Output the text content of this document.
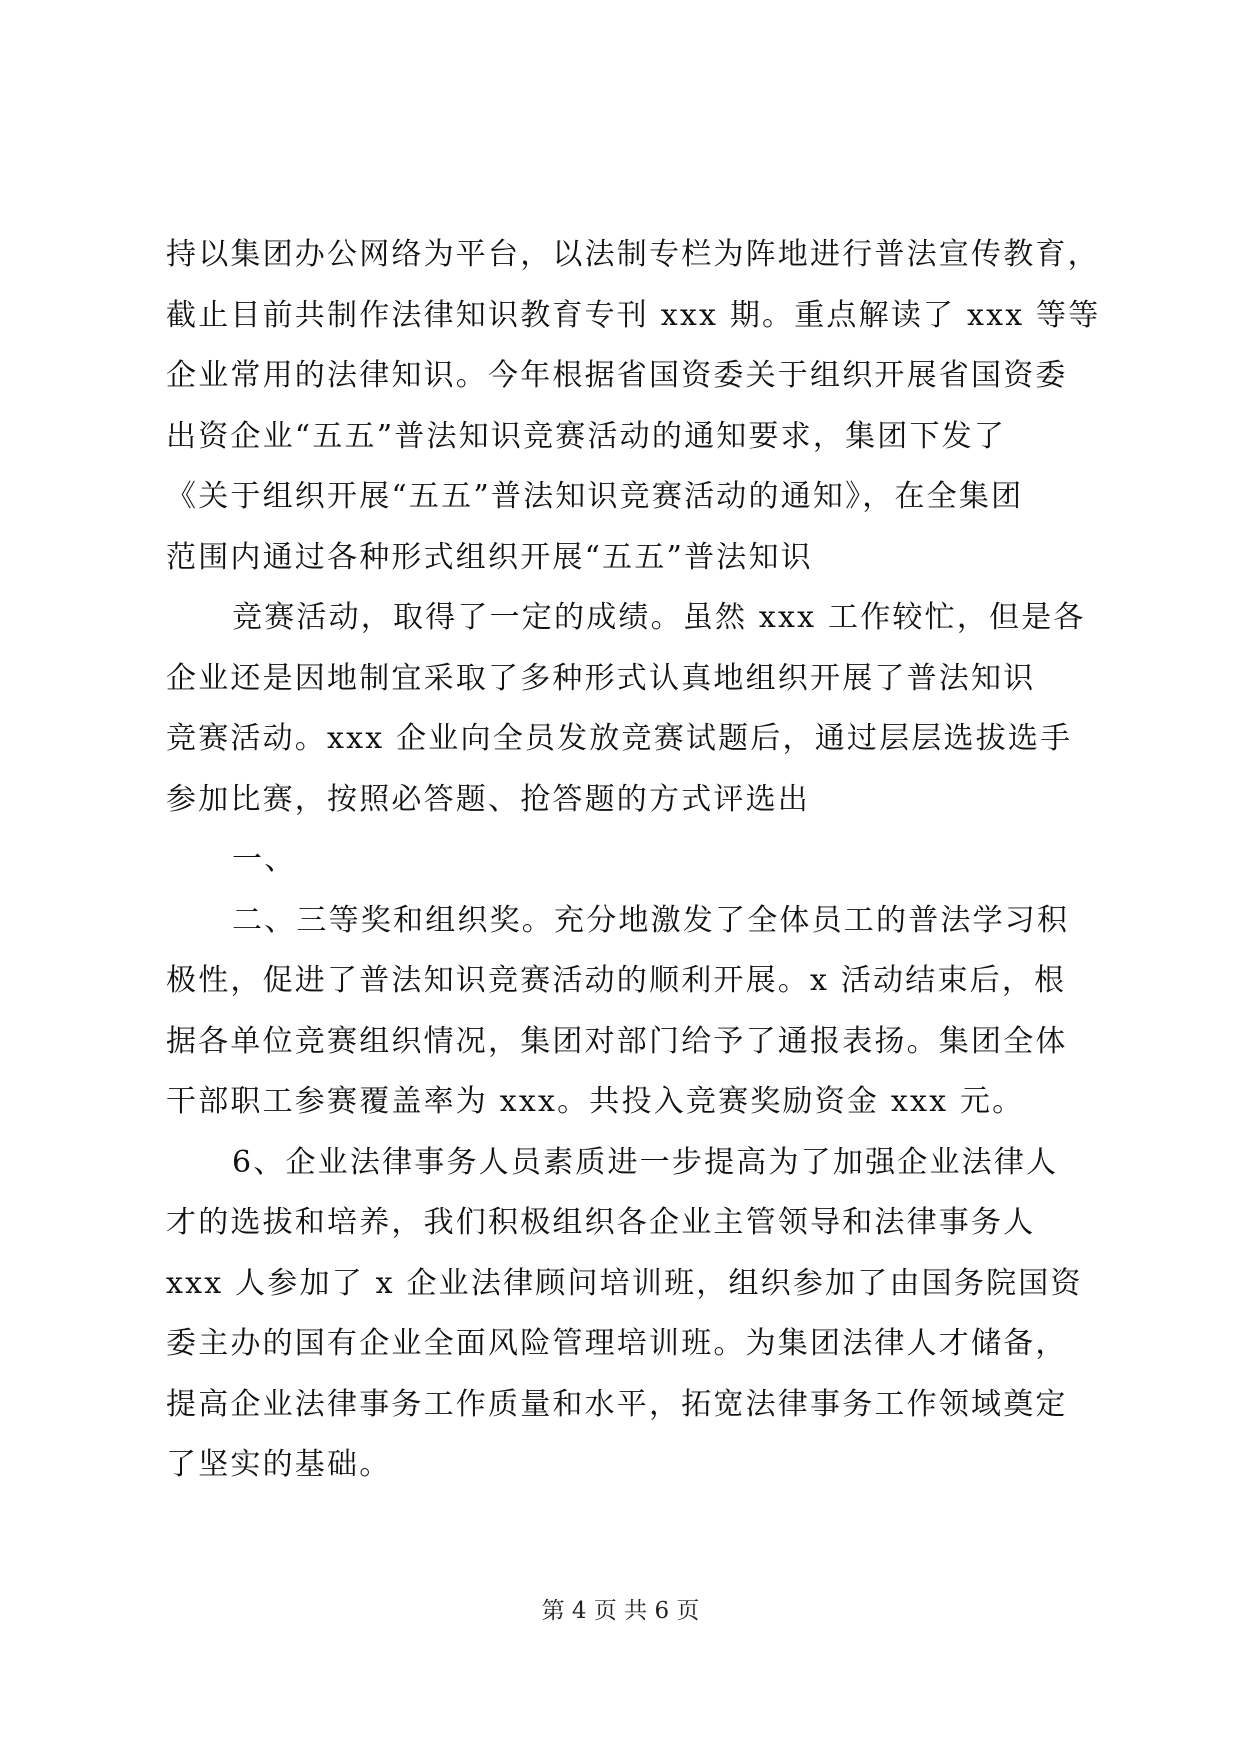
持以集团办公网络为平台，以法制专栏为阵地进行普法宣传教育，
截止目前共制作法律知识教育专刊 xxx 期。重点解读了 xxx 等等
企业常用的法律知识。今年根据省国资委关于组织开展省国资委
出资企业“五五”普法知识竞赛活动的通知要求，集团下发了
《关于组织开展“五五”普法知识竞赛活动的通知》，在全集团
范围内通过各种形式组织开展“五五”普法知识
竞赛活动，取得了一定的成绩。虽然 xxx 工作较忙，但是各
企业还是因地制宜采取了多种形式认真地组织开展了普法知识
竞赛活动。xxx 企业向全员发放竞赛试题后，通过层层选拔选手
参加比赛，按照必答题、抢答题的方式评选出
一、
二、三等奖和组织奖。充分地激发了全体员工的普法学习积
极性，促进了普法知识竞赛活动的顺利开展。x 活动结束后，根
据各单位竞赛组织情况，集团对部门给予了通报表扬。集团全体
干部职工参赛覆盖率为 xxx。共投入竞赛奖励资金 xxx 元。
6、企业法律事务人员素质进一步提高为了加强企业法律人
才的选拔和培养，我们积极组织各企业主管领导和法律事务人
xxx 人参加了 x 企业法律顾问培训班，组织参加了由国务院国资
委主办的国有企业全面风险管理培训班。为集团法律人才储备，
提高企业法律事务工作质量和水平，拓宽法律事务工作领域奠定
了坚实的基础。
第 4 页 共 6 页
